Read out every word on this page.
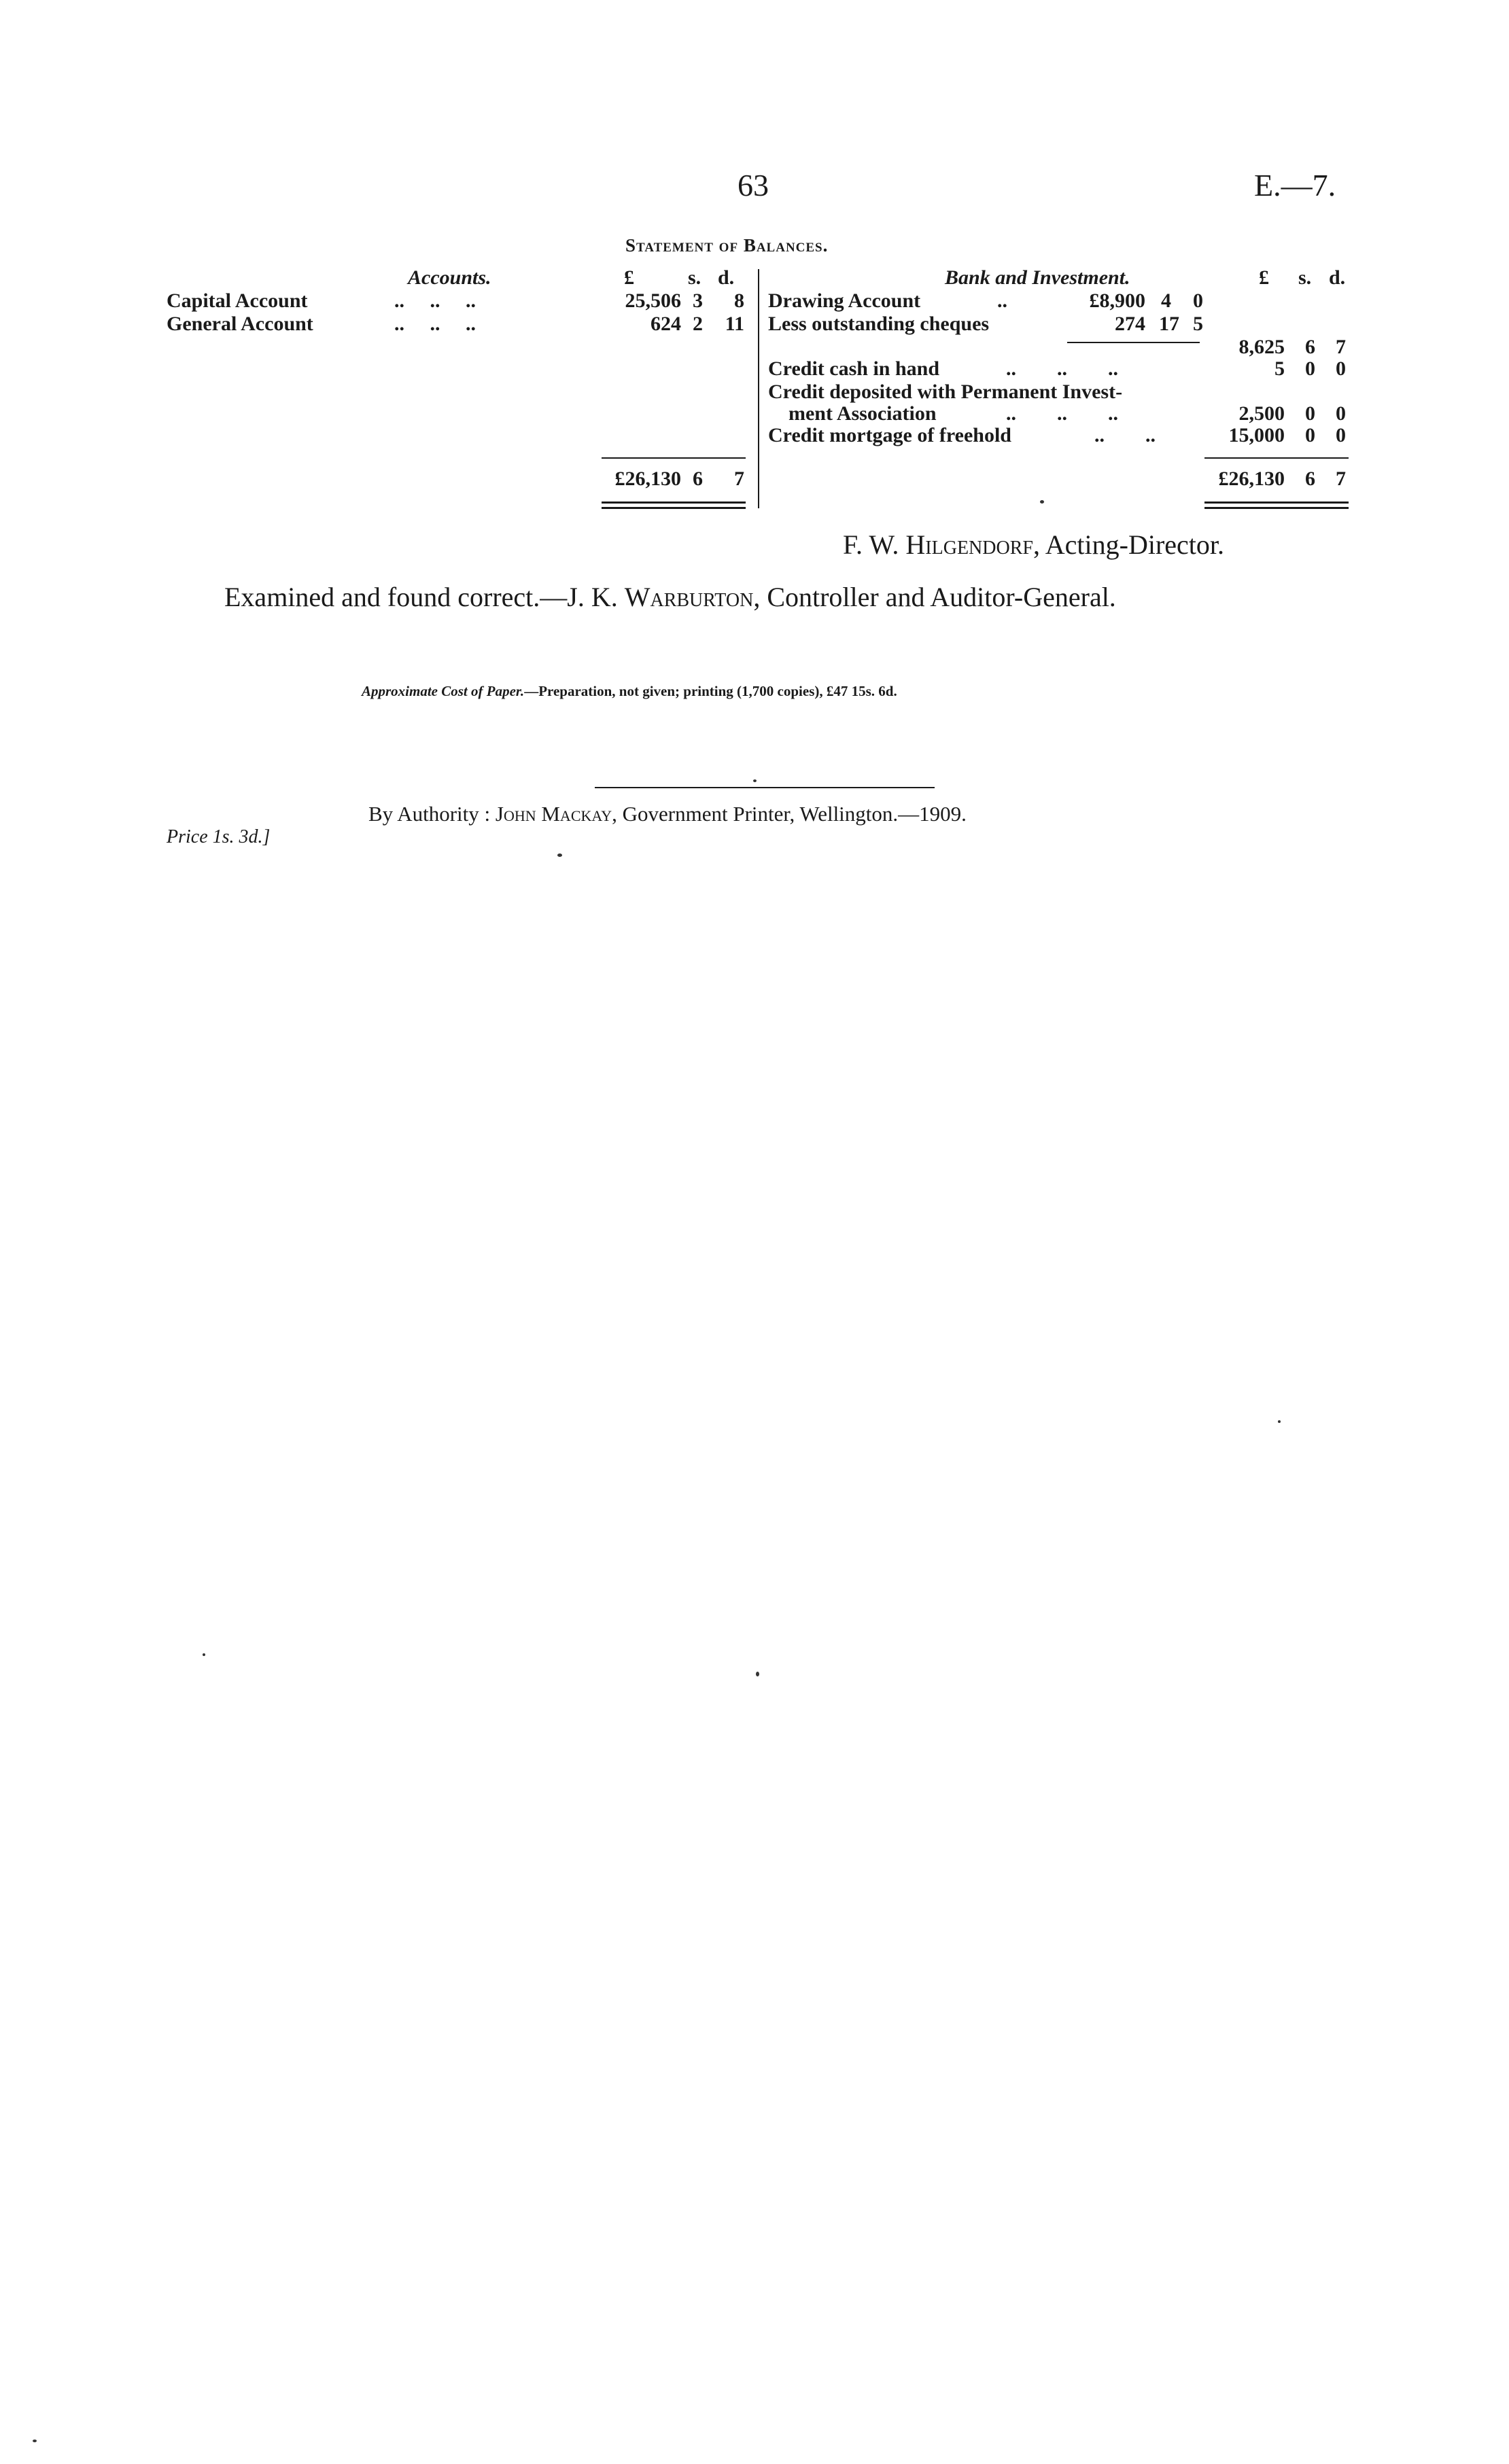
63	E.—7.
Statement of Balances.
Accounts.	£	s. d.
Capital Account	..     ..     ..	25,506 3	8
General Account	..     ..     ..	624 2	11
£26,130 6	7
Bank and Investment.	£ s. d.
Drawing Account	..	£8,900 4	0
Less outstanding cheques	274 17 5
8,625	6	7
Credit cash in hand	..        ..        ..	5	0	0
Credit deposited with Permanent Invest-
ment Association	..        ..        ..	2,500	0	0
Credit mortgage of freehold	..        ..	15,000	0	0
£26,130	6	7
F. W. Hilgendorf, Acting-Director.
Examined and found correct.—J. K. Warburton, Controller and Auditor-General.
Approximate Cost of Paper.—Preparation, not given; printing (1,700 copies), £47 15s. 6d.
By Authority : John Mackay, Government Printer, Wellington.—1909.
Price 1s. 3d.]
